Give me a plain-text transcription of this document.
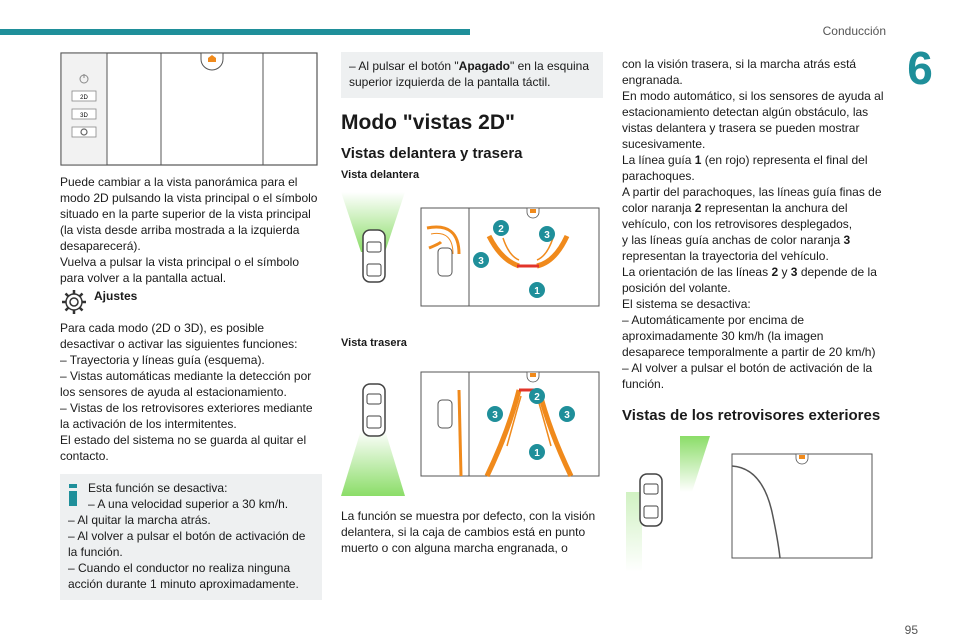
Conducción
6
2D
3D

Puede cambiar a la vista panorámica para el modo 2D pulsando la vista principal o el símbolo situado en la parte superior de la vista principal (la vista desde arriba mostrada a la izquierda desaparecerá).

Vuelva a pulsar la vista principal o el símbolo para volver a la pantalla actual.

Ajustes

Para cada modo (2D o 3D), es posible desactivar o activar las siguientes funciones:

– Trayectoria y líneas guía (esquema).

– Vistas automáticas mediante la detección por los sensores de ayuda al estacionamiento.

– Vistas de los retrovisores exteriores mediante la activación de los intermitentes.

El estado del sistema no se guarda al quitar el contacto.

Esta función se desactiva:

– A una velocidad superior a 30 km/h.

– Al quitar la marcha atrás.

– Al volver a pulsar el botón de activación de la función.

– Cuando el conductor no realiza ninguna acción durante 1 minuto aproximadamente.

– Al pulsar el botón "Apagado" en la esquina superior izquierda de la pantalla táctil.
Modo "vistas 2D"
Vistas delantera y trasera
Vista delantera
2
3
3
1
Vista trasera
2
3	3
1

La función se muestra por defecto, con la visión delantera, si la caja de cambios está en punto muerto o con alguna marcha engranada, o

con la visión trasera, si la marcha atrás está engranada.

En modo automático, si los sensores de ayuda al estacionamiento detectan algún obstáculo, las vistas delantera y trasera se pueden mostrar sucesivamente.

La línea guía 1 (en rojo) representa el final del parachoques.

A partir del parachoques, las líneas guía finas de color naranja 2 representan la anchura del vehículo, con los retrovisores desplegados,

y las líneas guía anchas de color naranja 3 representan la trayectoria del vehículo.

La orientación de las líneas 2 y 3 depende de la posición del volante.

El sistema se desactiva:

– Automáticamente por encima de aproximadamente 30 km/h (la imagen desaparece temporalmente a partir de 20 km/h)

– Al volver a pulsar el botón de activación de la función.

Vistas de los retrovisores exteriores
95
